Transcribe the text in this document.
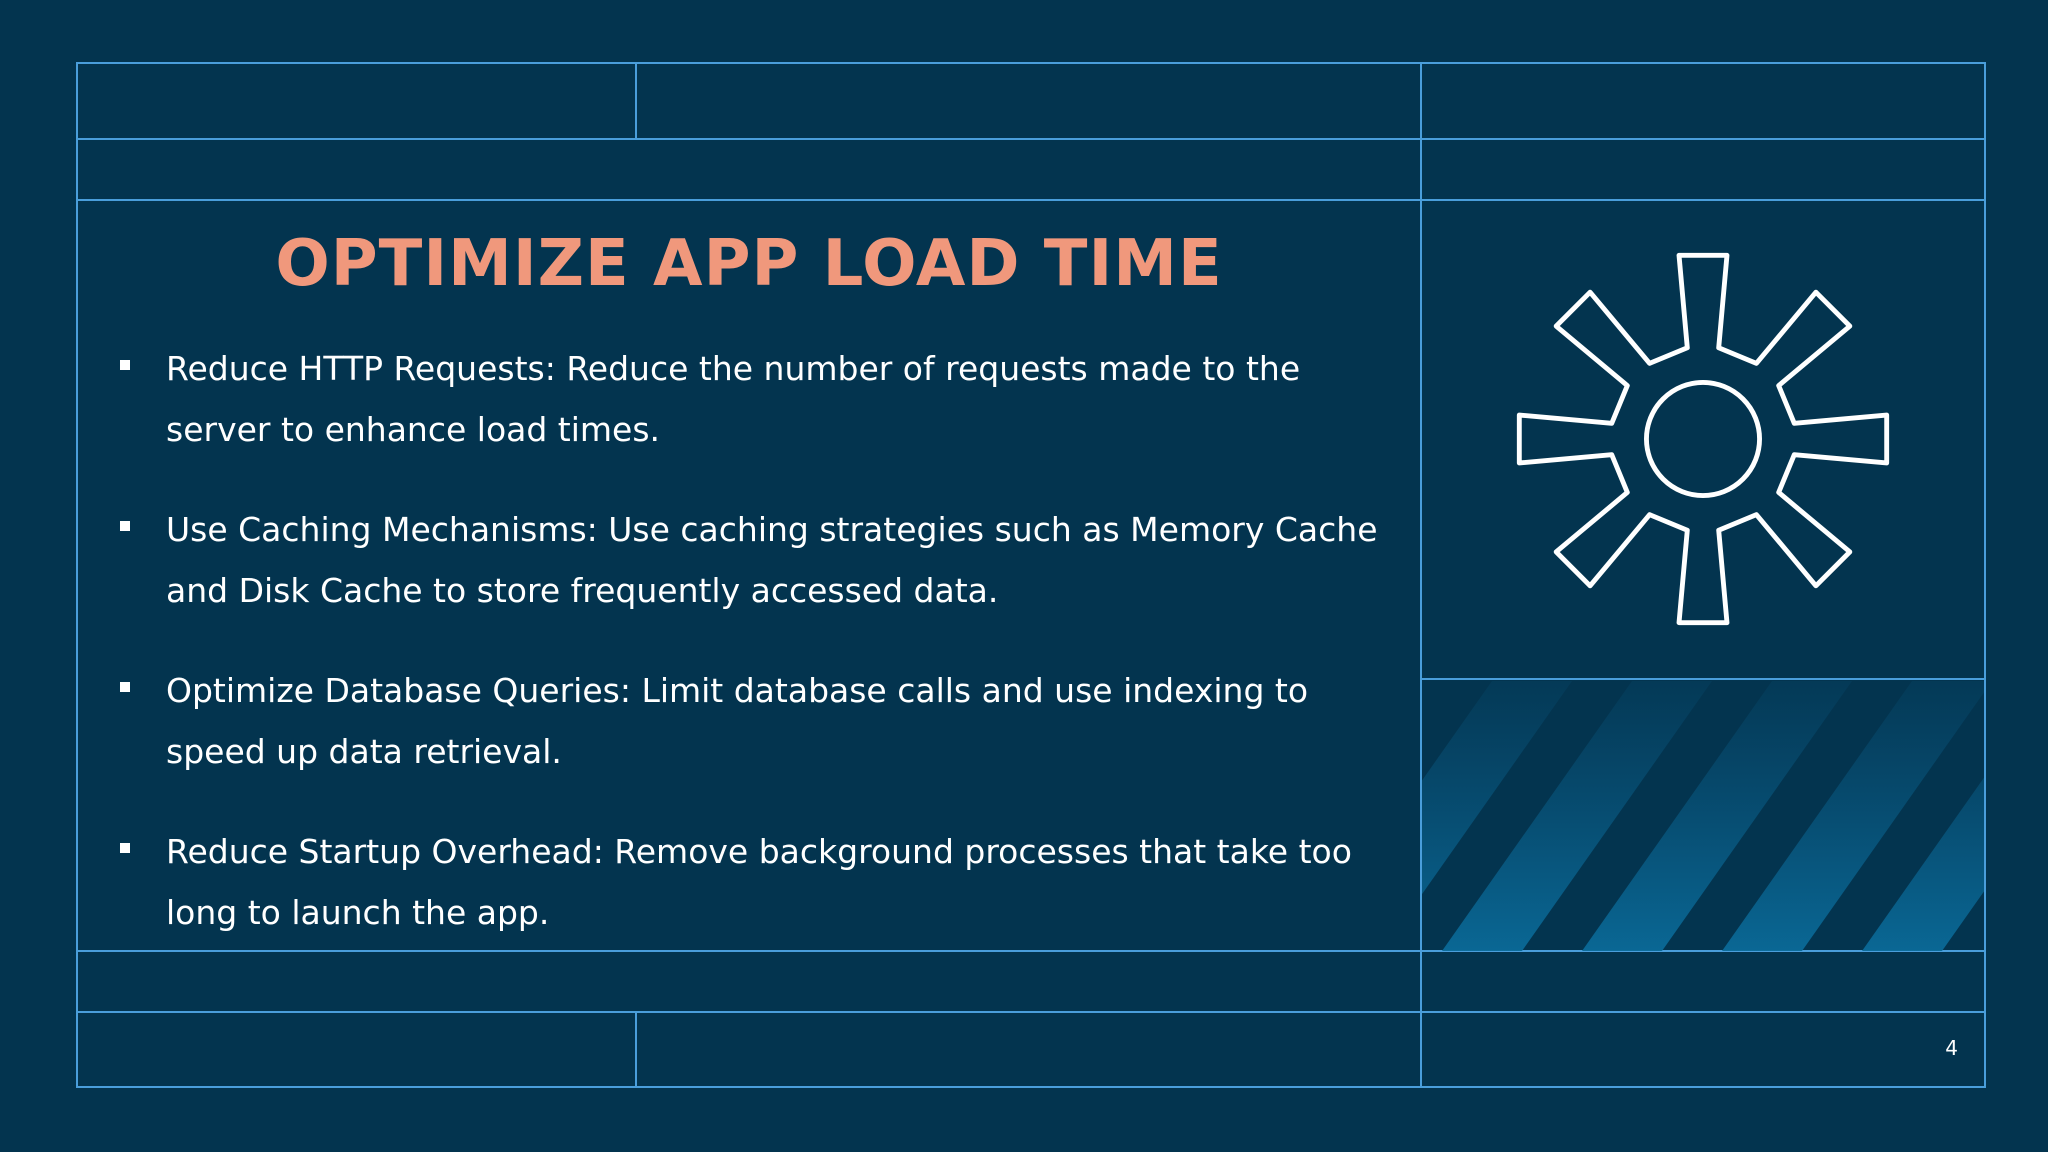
OPTIMIZE APP LOAD TIME
Reduce HTTP Requests: Reduce the number of requests made to the server to enhance load times.
Use Caching Mechanisms: Use caching strategies such as Memory Cache and Disk Cache to store frequently accessed data.
Optimize Database Queries: Limit database calls and use indexing to speed up data retrieval.
Reduce Startup Overhead: Remove background processes that take too long to launch the app.
4
